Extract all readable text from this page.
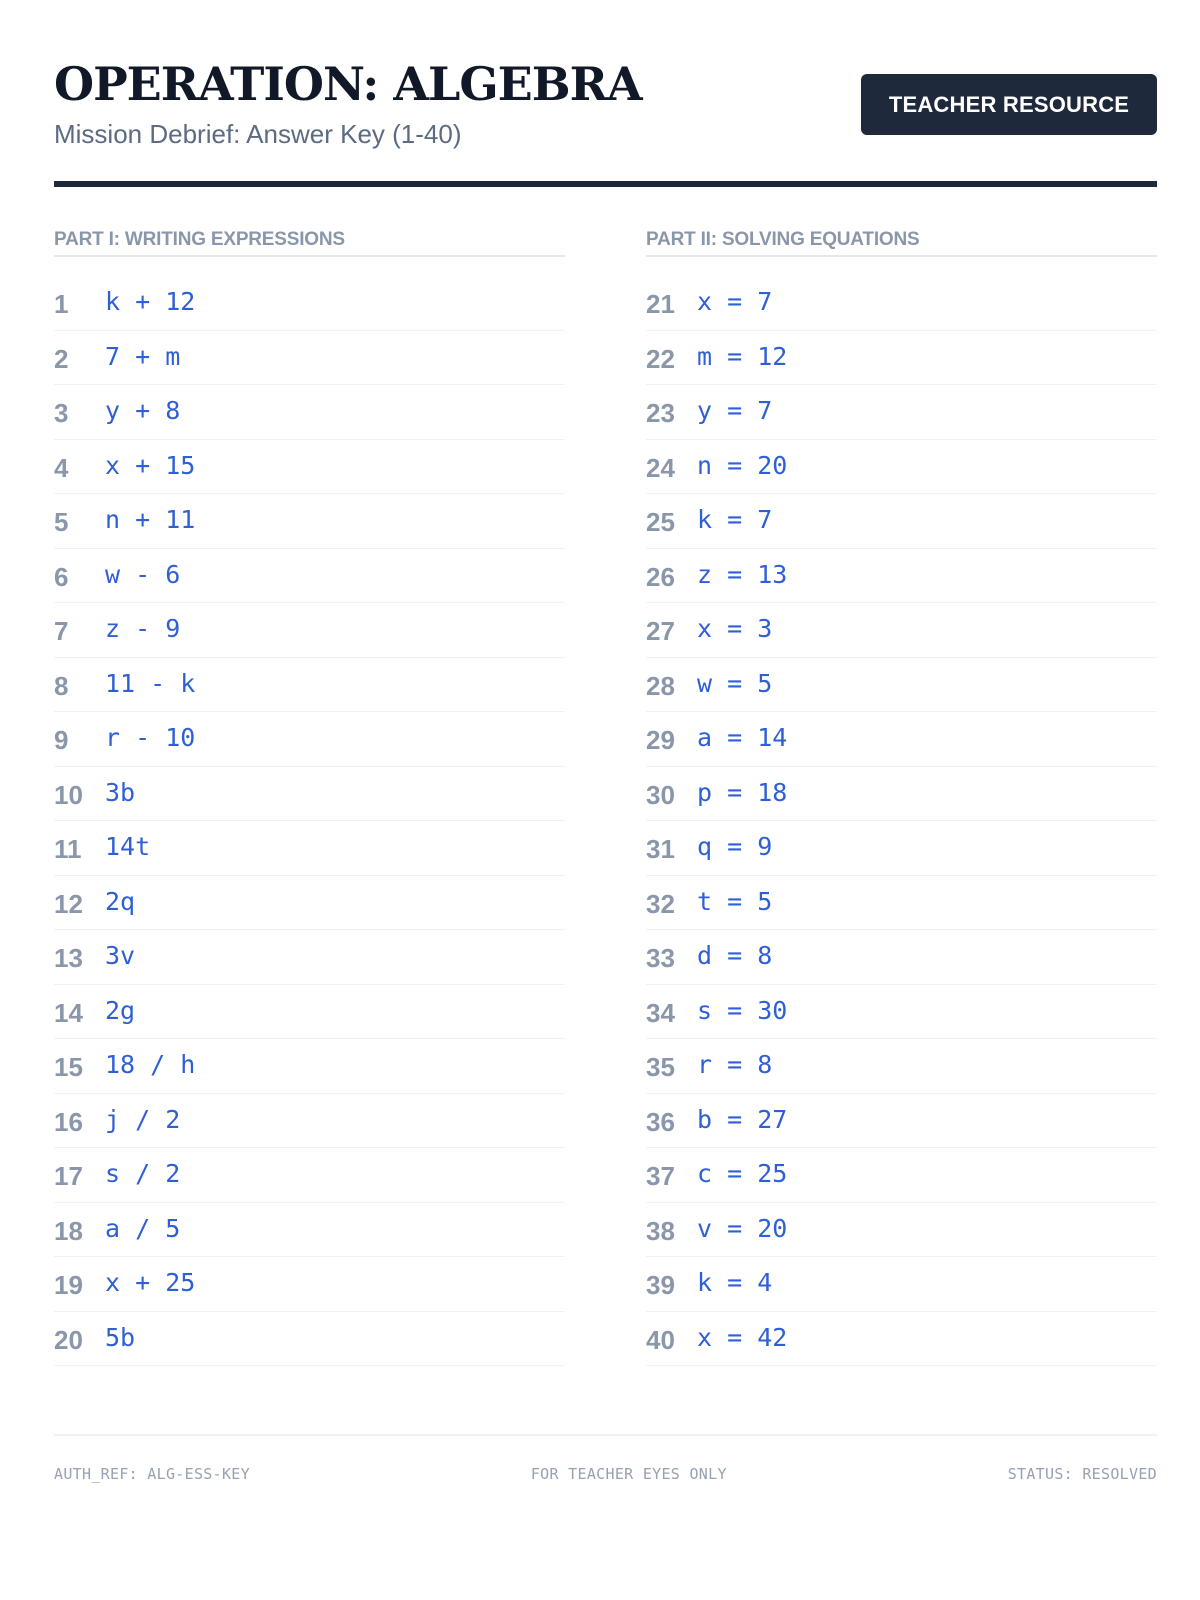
OPERATION: ALGEBRA

Mission Debrief: Answer Key (1-40)

TEACHER RESOURCE
PART I: WRITING EXPRESSIONS
1	k + 12
2	7 + m
3	y + 8
4	x + 15
5	n + 11
6	w - 6
7	z - 9
8	11 - k
9	r - 10
10 3b
11 14t
12 2q
13 3v
14 2g
15 18 / h
16 j / 2
17 s / 2
18 a / 5
19 x + 25
20 5b
PART II: SOLVING EQUATIONS
21 x = 7
22 m = 12
23 y = 7
24 n = 20
25 k = 7
26 z = 13
27 x = 3
28 w = 5
29 a = 14
30 p = 18
31 q = 9
32 t = 5
33 d = 8
34 s = 30
35 r = 8
36 b = 27
37 c = 25
38 v = 20
39 k = 4
40 x = 42
AUTH_REF: ALG-ESS-KEY	FOR TEACHER EYES ONLY	STATUS: RESOLVED
